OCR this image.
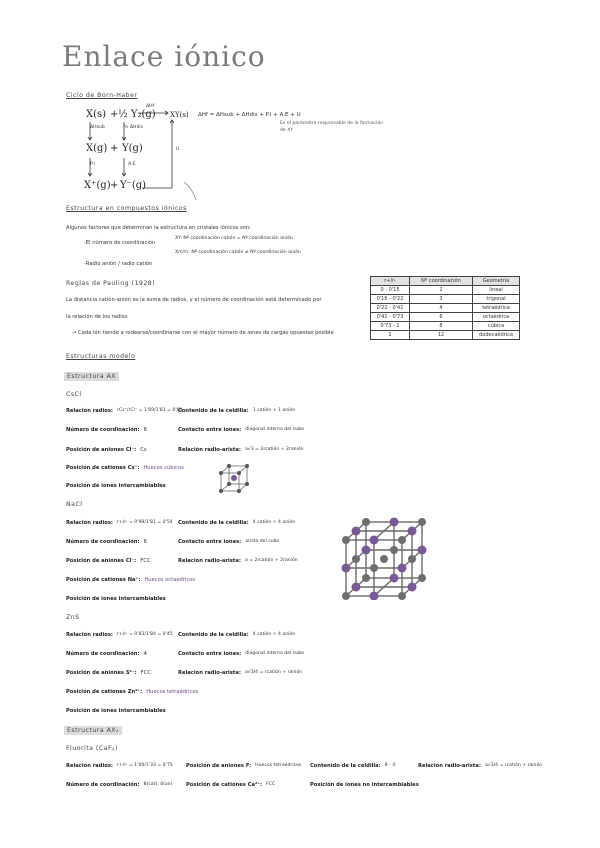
Enlace iónico
Ciclo de Born-Haber
X(s) + ½ Y₂(g) XY(s)
ΔHf
ΔHsub	½ ΔHdis
X(g) + Y(g)
P.I	A.E
U
X⁺(g) + Y⁻(g)
ΔHf = ΔHsub + ΔHdis + P.I + A.E + U
Es el parámetro responsable de la formación de XY
Estructura en compuestos iónicos
Algunos factores que determinan la estructura en cristales iónicos son:
-El número de coordinación
XY: Nº coordinación catión = Nº coordinación anión
XmYn: Nº coordinación catión ≠ Nº coordinación anión
-Radio anión / radio catión
Reglas de Pauling (1928)
La distancia catión-anión es la suma de radios, y el número de coordinación está determinado por
la relación de los radios
→ Cada ión tiende a rodearse/coordinarse con el mayor número de iones de cargas opuestas posible
r+/r-	Nº coordinación	Geometría
0 - 0'15	2	lineal
0'15 - 0'22	3	trigonal
0'22 - 0'41	4	tetraédrica
0'41 - 0'73	6	octaédrica
0'73 - 1	8	cúbica
1	12	dodecaédrica
Estructuras modelo
Estructura AX
CsCl
Relación radios: rCs⁺/rCl⁻ = 1'69/1'81 = 0'93
Número de coordinación: 8
Posición de aniones Cl⁻: Cs
Posición de cationes Cs⁺: Huecos cúbicos
Posición de iones intercambiables
Contenido de la celdilla: 1 catión + 1 anión
Contacto entre iones: diagonal interna del cubo
Relación radio-arista: a√3 = 2rcatión + 2ranión
NaCl
Relación radios: r+/r- = 0'98/1'81 = 0'54
Número de coordinación: 6
Posición de aniones Cl⁻: FCC
Posición de cationes Na⁺: Huecos octaédricos
Posición de iones intercambiables
Contenido de la celdilla: 4 catión + 4 anión
Contacto entre iones: arista del cubo
Relación radio-arista: a = 2rcatión + 2ranión
ZnS
Relación radios: r+/r- = 0'83/1'84 = 0'45
Número de coordinación: 4
Posición de aniones S²⁻: FCC
Posición de cationes Zn²⁺: Huecos tetraédricos
Posición de iones intercambiables
Contenido de la celdilla: 4 catión + 4 anión
Contacto entre iones: diagonal interna del cubo
Relación radio-arista: a√3/4 = rcatión + ranión
Estructura AX₂
Fluorita (CaF₂)
Relación radios: r+/r- = 1'00/1'33 = 0'75
Número de coordinación: 8(cat), 4(an)
Posición de aniones F: Huecos tetraédricos
Posición de cationes Ca²⁺: FCC
Contenido de la celdilla: 8 - 4
Posición de iones no intercambiables
Relación radio-arista: a√3/4 = rcatión + ranión
